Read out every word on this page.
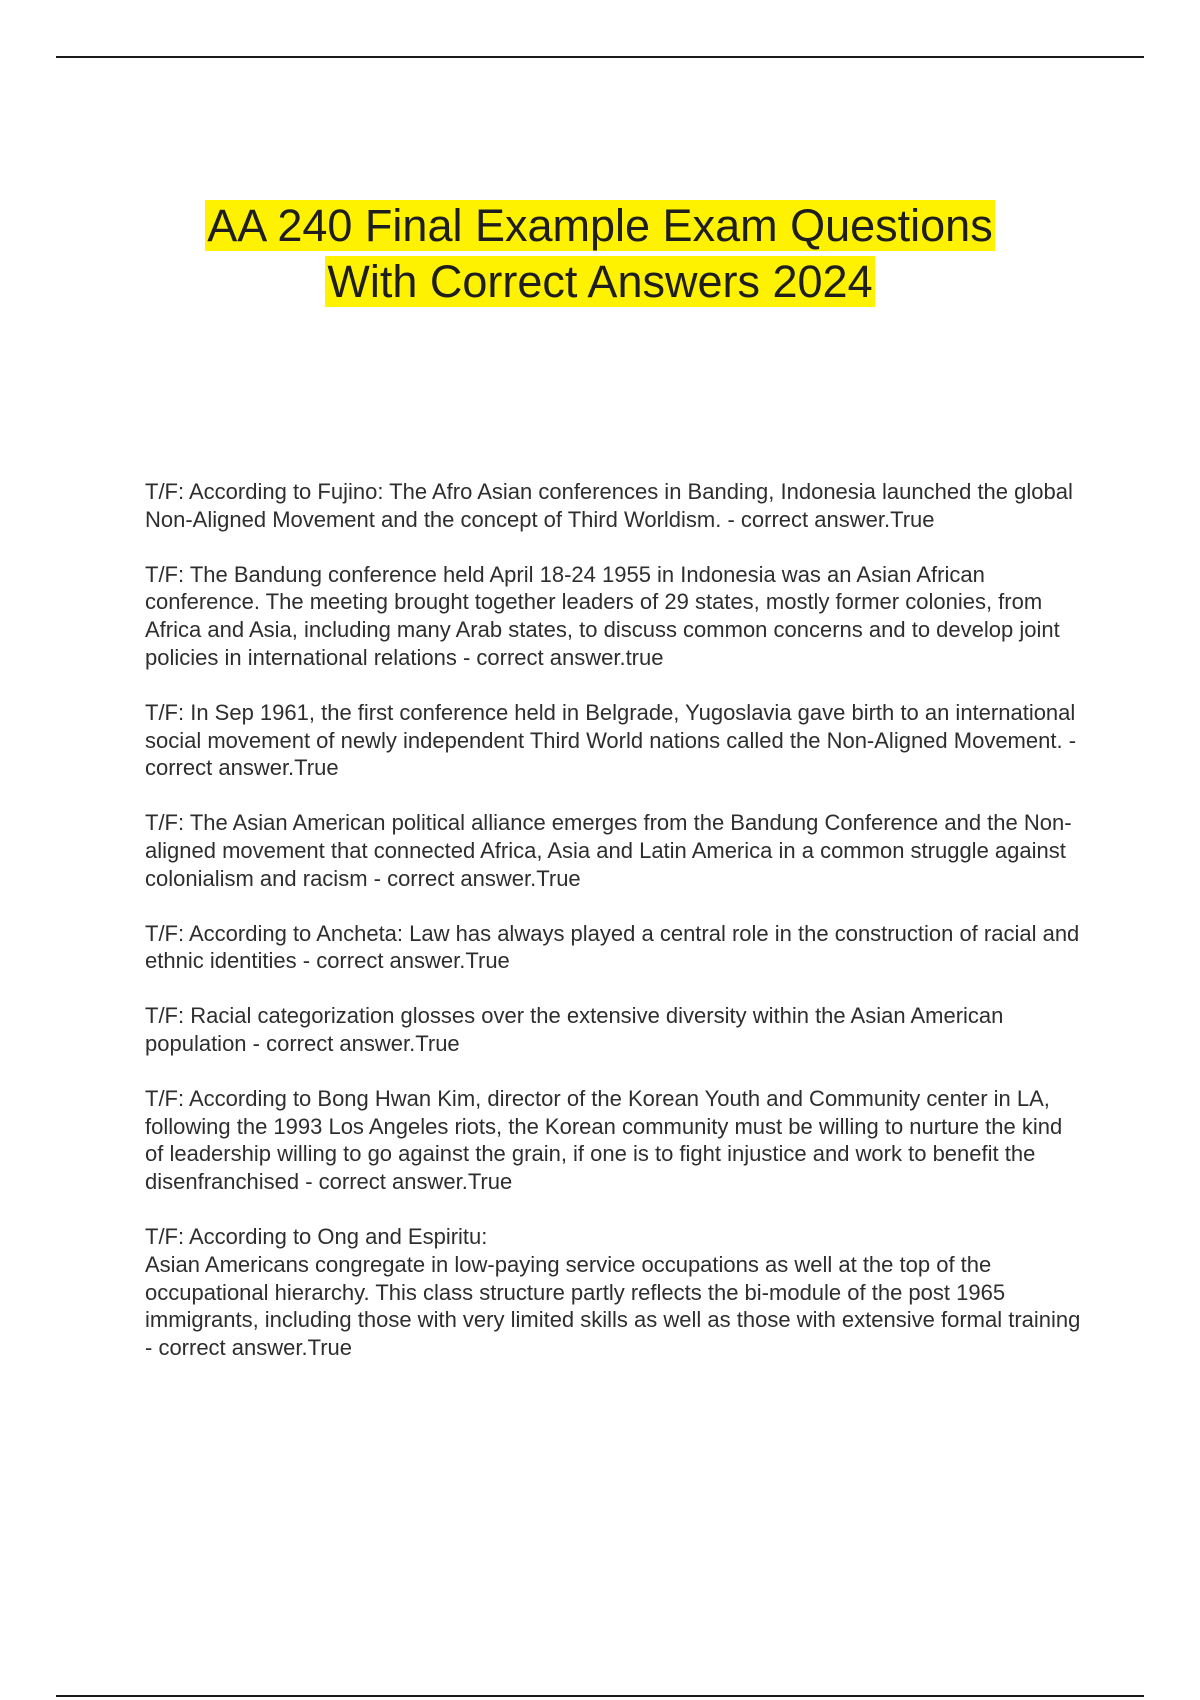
AA 240 Final Example Exam Questions
With Correct Answers 2024
T/F: According to Fujino: The Afro Asian conferences in Banding, Indonesia launched the global Non-Aligned Movement and the concept of Third Worldism. - correct answer.True
T/F: The Bandung conference held April 18-24 1955 in Indonesia was an Asian African conference. The meeting brought together leaders of 29 states, mostly former colonies, from Africa and Asia, including many Arab states, to discuss common concerns and to develop joint policies in international relations - correct answer.true
T/F: In Sep 1961, the first conference held in Belgrade, Yugoslavia gave birth to an international social movement of newly independent Third World nations called the Non-Aligned Movement. - correct answer.True
T/F: The Asian American political alliance emerges from the Bandung Conference and the Non-aligned movement that connected Africa, Asia and Latin America in a common struggle against colonialism and racism - correct answer.True
T/F: According to Ancheta: Law has always played a central role in the construction of racial and ethnic identities - correct answer.True
T/F: Racial categorization glosses over the extensive diversity within the Asian American population - correct answer.True
T/F: According to Bong Hwan Kim, director of the Korean Youth and Community center in LA, following the 1993 Los Angeles riots, the Korean community must be willing to nurture the kind of leadership willing to go against the grain, if one is to fight injustice and work to benefit the disenfranchised - correct answer.True
T/F: According to Ong and Espiritu:
Asian Americans congregate in low-paying service occupations as well at the top of the occupational hierarchy. This class structure partly reflects the bi-module of the post 1965 immigrants, including those with very limited skills as well as those with extensive formal training - correct answer.True
